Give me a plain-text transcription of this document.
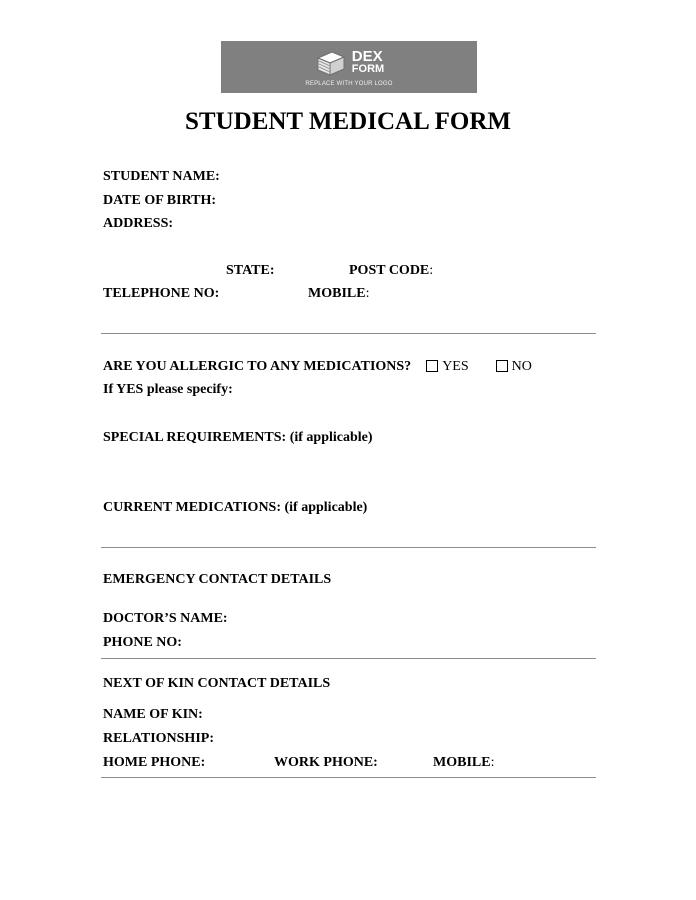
DEX
FORM
REPLACE WITH YOUR LOGO
STUDENT MEDICAL FORM
STUDENT NAME:
DATE OF BIRTH:
ADDRESS:
STATE:	POST CODE:
TELEPHONE NO:	MOBILE:
ARE YOU ALLERGIC TO ANY MEDICATIONS? YES	NO
If YES please specify:
SPECIAL REQUIREMENTS: (if applicable)
CURRENT MEDICATIONS: (if applicable)
EMERGENCY CONTACT DETAILS
DOCTOR’S NAME:
PHONE NO:
NEXT OF KIN CONTACT DETAILS
NAME OF KIN:
RELATIONSHIP:
HOME PHONE:	WORK PHONE:	MOBILE:
